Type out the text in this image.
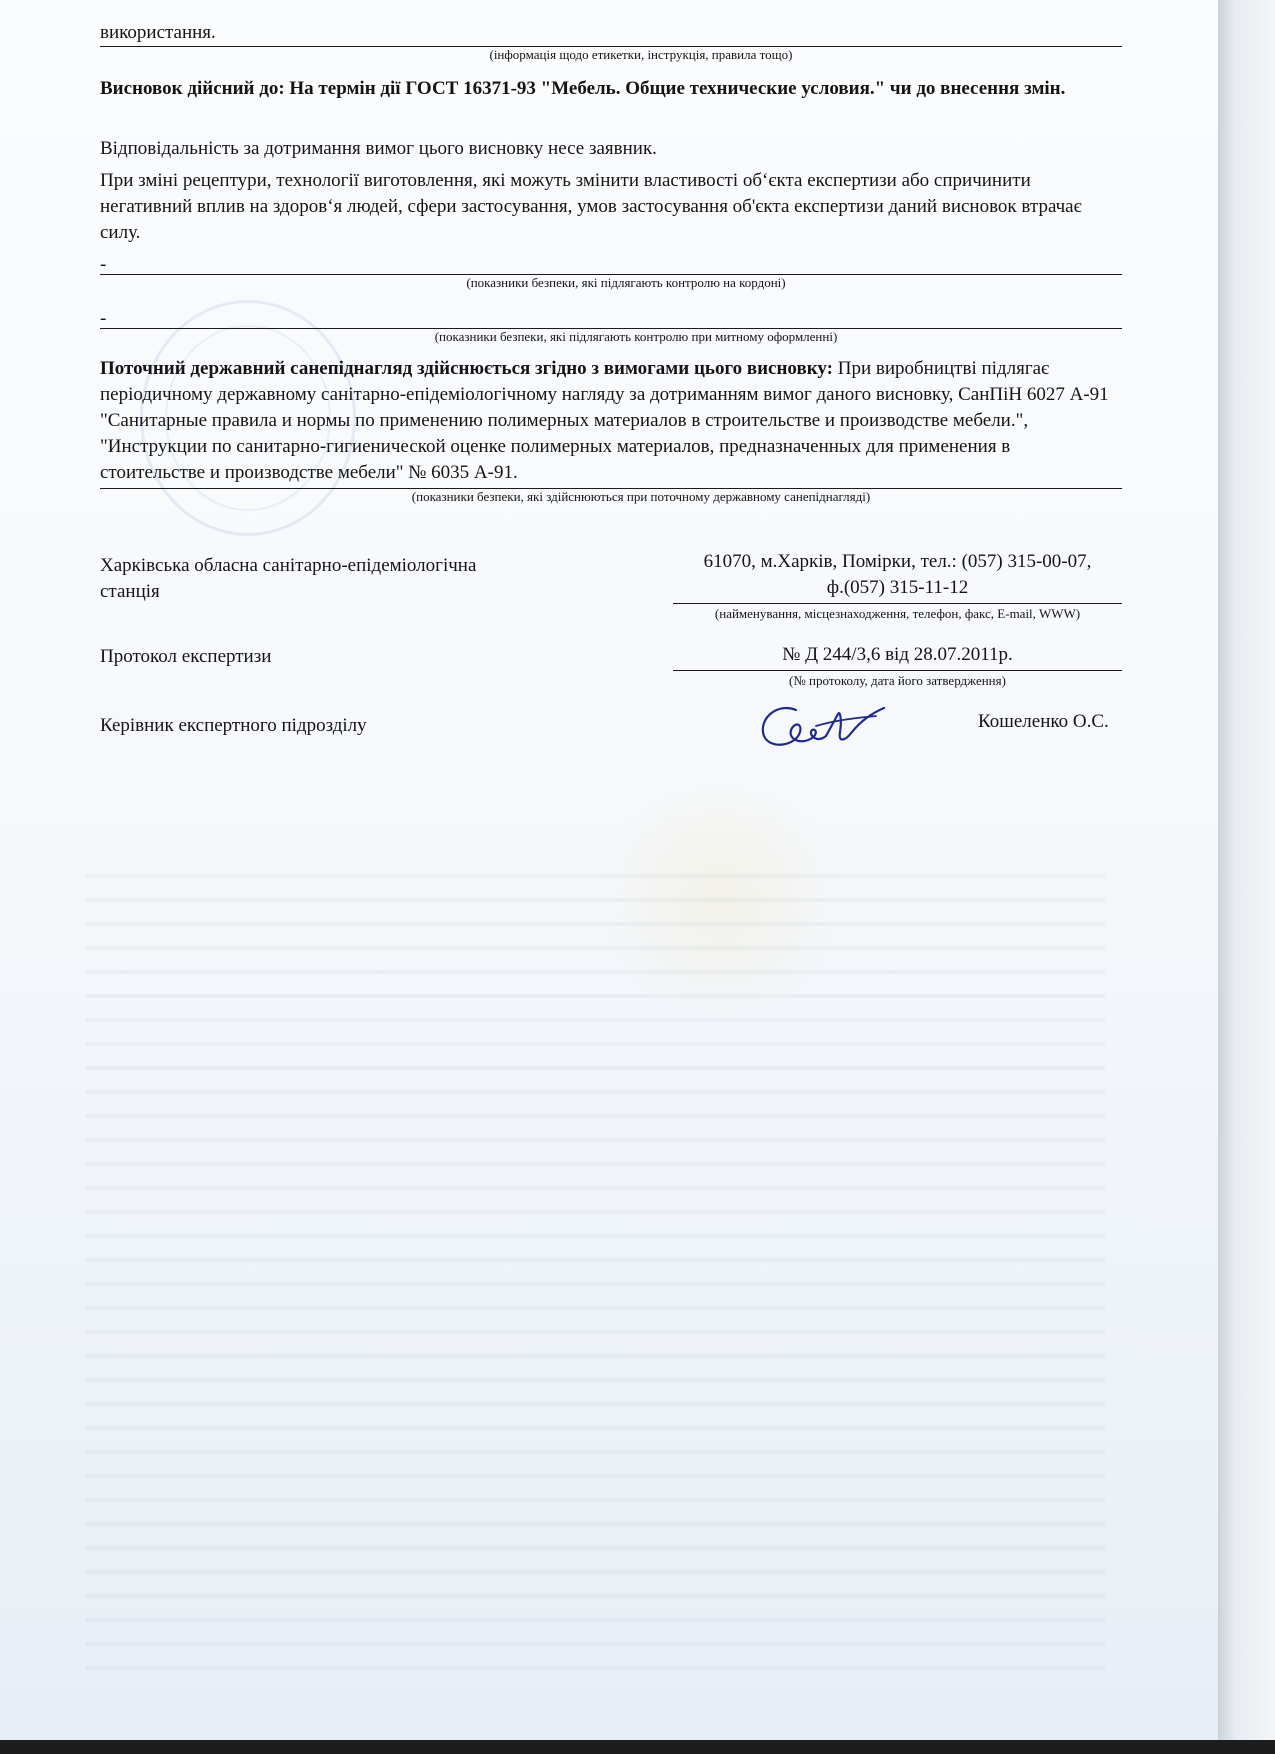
використання.
(інформація щодо етикетки, інструкція, правила тощо)

Висновок дійсний до: На термін дії ГОСТ 16371-93 "Мебель. Общие технические условия." чи до внесення змін.

Відповідальність за дотримання вимог цього висновку несе заявник.

При зміні рецептури, технології виготовлення, які можуть змінити властивості об‘єкта експертизи або спричинити негативний вплив на здоров‘я людей, сфери застосування, умов застосування об'єкта експертизи даний висновок втрачає силу.

-
(показники безпеки, які підлягають контролю на кордоні)
-
(показники безпеки, які підлягають контролю при митному оформленні)

Поточний державний санепіднагляд здійснюється згідно з вимогами цього висновку: При виробництві підлягає періодичному державному санітарно-епідеміологічному нагляду за дотриманням вимог даного висновку, СанПіН 6027 А-91 "Санитарные правила и нормы по применению полимерных материалов в строительстве и производстве мебели.", "Инструкции по санитарно-гигиенической оценке полимерных материалов, предназначенных для применения в стоительстве и производстве мебели" № 6035 А-91.

(показники безпеки, які здійснюються при поточному державному санепіднагляді)
Харківська обласна санітарно-епідеміологічна станція
61070, м.Харків, Помірки, тел.: (057) 315-00-07,
ф.(057) 315-11-12
(найменування, місцезнаходження, телефон, факс, E-mail, WWW)
Протокол експертизи	№ Д 244/3,6 від 28.07.2011р.
(№ протоколу, дата його затвердження)
Керівник експертного підрозділу	Кошеленко О.С.
